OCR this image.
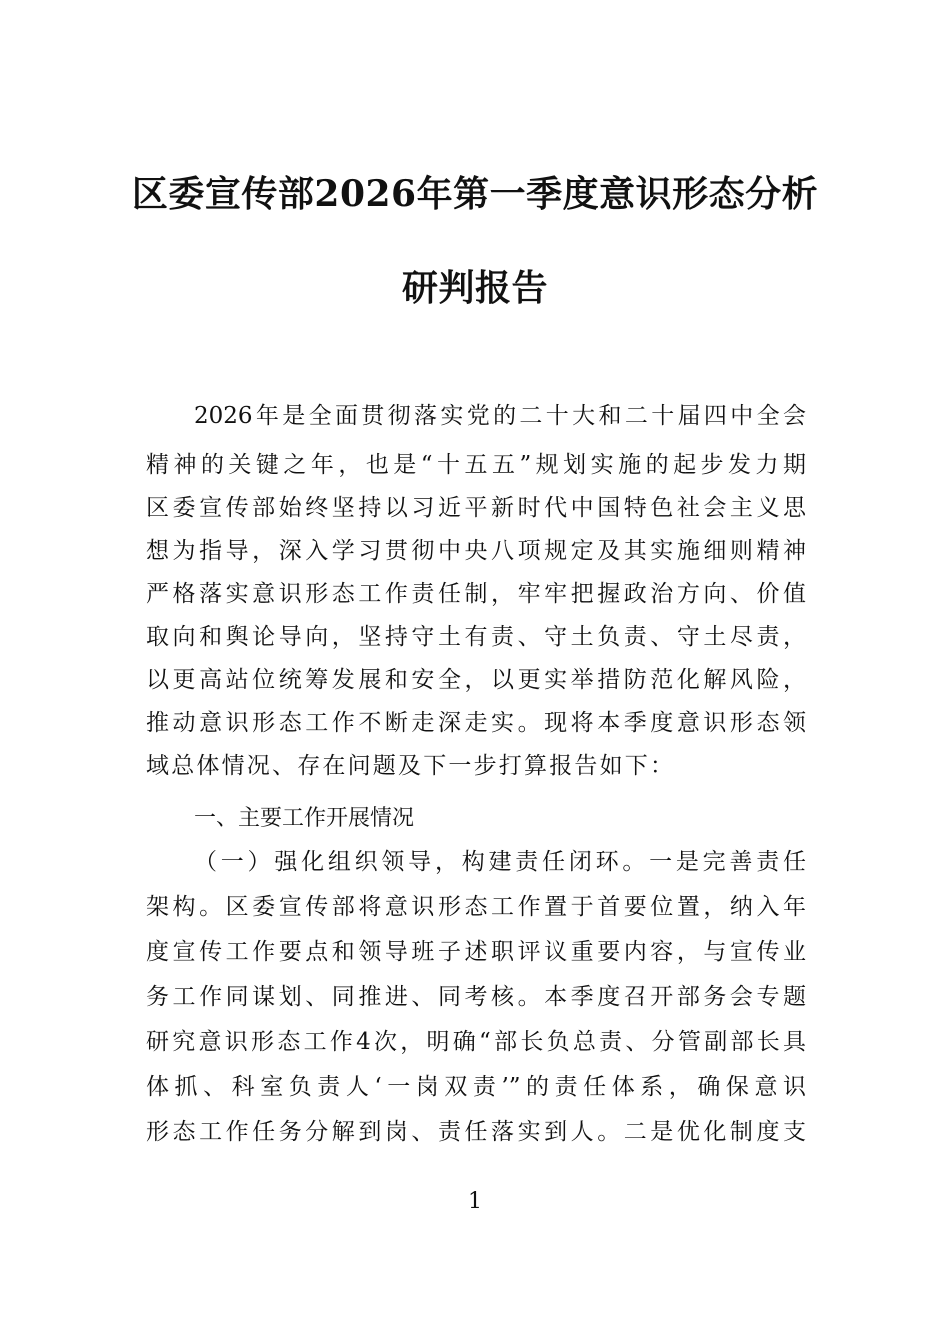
区委宣传部2026年第一季度意识形态分析
研判报告
2026年是全面贯彻落实党的二十大和二十届四中全会
精神的关键之年，也是“十五五”规划实施的起步发力期
区委宣传部始终坚持以习近平新时代中国特色社会主义思
想为指导，深入学习贯彻中央八项规定及其实施细则精神
严格落实意识形态工作责任制，牢牢把握政治方向、价值
取向和舆论导向，坚持守土有责、守土负责、守土尽责，
以更高站位统筹发展和安全，以更实举措防范化解风险，
推动意识形态工作不断走深走实。现将本季度意识形态领
域总体情况、存在问题及下一步打算报告如下：
一、主要工作开展情况
（一）强化组织领导，构建责任闭环。一是完善责任
架构。区委宣传部将意识形态工作置于首要位置，纳入年
度宣传工作要点和领导班子述职评议重要内容，与宣传业
务工作同谋划、同推进、同考核。本季度召开部务会专题
研究意识形态工作4次，明确“部长负总责、分管副部长具
体抓、科室负责人‘一岗双责’”的责任体系，确保意识
形态工作任务分解到岗、责任落实到人。二是优化制度支
1
